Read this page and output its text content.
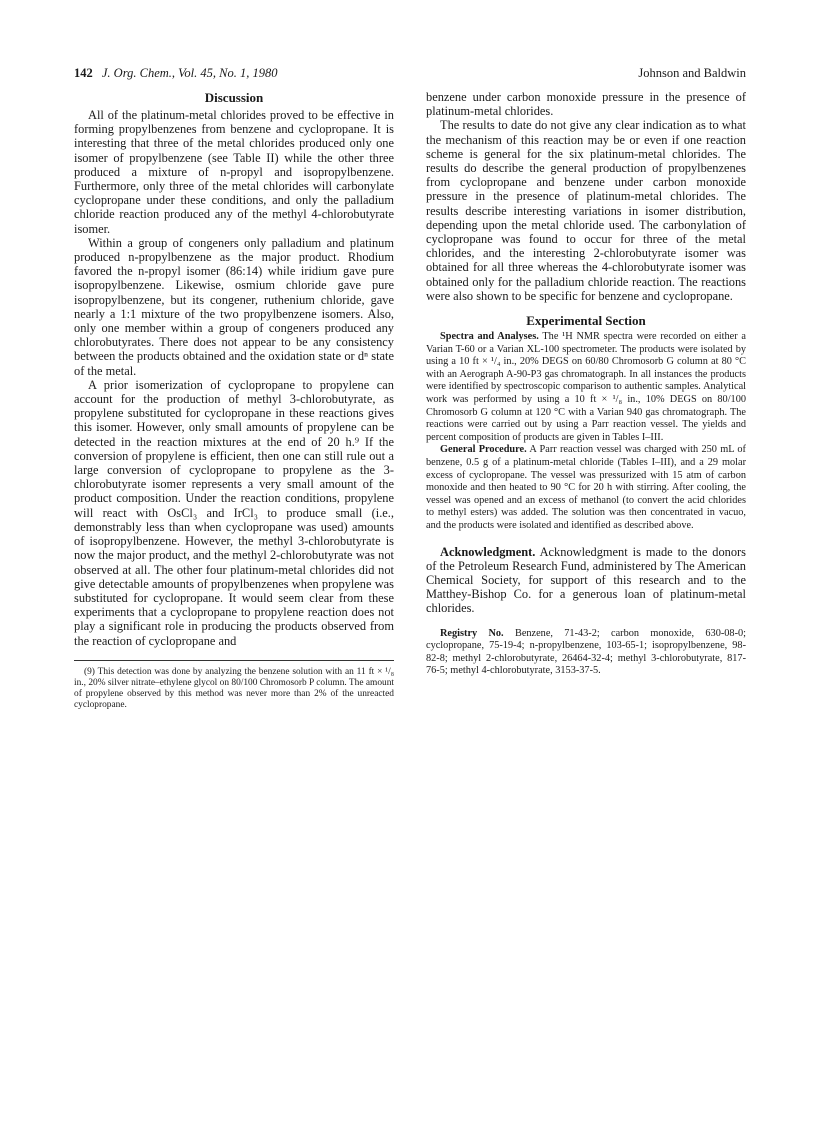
142 J. Org. Chem., Vol. 45, No. 1, 1980	Johnson and Baldwin
Discussion

All of the platinum-metal chlorides proved to be effective in forming propylbenzenes from benzene and cyclopropane. It is interesting that three of the metal chlorides produced only one isomer of propylbenzene (see Table II) while the other three produced a mixture of n-propyl and isopropylbenzene. Furthermore, only three of the metal chlorides will carbonylate cyclopropane under these conditions, and only the palladium chloride reaction produced any of the methyl 4-chlorobutyrate isomer.

Within a group of congeners only palladium and platinum produced n-propylbenzene as the major product. Rhodium favored the n-propyl isomer (86:14) while iridium gave pure isopropylbenzene. Likewise, osmium chloride gave pure isopropylbenzene, but its congener, ruthenium chloride, gave nearly a 1:1 mixture of the two propylbenzene isomers. Also, only one member within a group of congeners produced any chlorobutyrates. There does not appear to be any consistency between the products obtained and the oxidation state or dⁿ state of the metal.

A prior isomerization of cyclopropane to propylene can account for the production of methyl 3-chlorobutyrate, as propylene substituted for cyclopropane in these reactions gives this isomer. However, only small amounts of propylene can be detected in the reaction mixtures at the end of 20 h.⁹ If the conversion of propylene is efficient, then one can still rule out a large conversion of cyclopropane to propylene as the 3-chlorobutyrate isomer represents a very small amount of the product composition. Under the reaction conditions, propylene will react with OsCl₃ and IrCl₃ to produce small (i.e., demonstrably less than when cyclopropane was used) amounts of isopropylbenzene. However, the methyl 3-chlorobutyrate is now the major product, and the methyl 2-chlorobutyrate was not observed at all. The other four platinum-metal chlorides did not give detectable amounts of propylbenzenes when propylene was substituted for cyclopropane. It would seem clear from these experiments that a cyclopropane to propylene reaction does not play a significant role in producing the products observed from the reaction of cyclopropane and

(9) This detection was done by analyzing the benzene solution with an 11 ft × ¹/₈ in., 20% silver nitrate–ethylene glycol on 80/100 Chromosorb P column. The amount of propylene observed by this method was never more than 2% of the unreacted cyclopropane.

benzene under carbon monoxide pressure in the presence of platinum-metal chlorides.

The results to date do not give any clear indication as to what the mechanism of this reaction may be or even if one reaction scheme is general for the six platinum-metal chlorides. The results do describe the general production of propylbenzenes from cyclopropane and benzene under carbon monoxide pressure in the presence of platinum-metal chlorides. The results describe interesting variations in isomer distribution, depending upon the metal chloride used. The carbonylation of cyclopropane was found to occur for three of the metal chlorides, and the interesting 2-chlorobutyrate isomer was obtained for all three whereas the 4-chlorobutyrate isomer was obtained only for the palladium chloride reaction. The reactions were also shown to be specific for benzene and cyclopropane.

Experimental Section

Spectra and Analyses. The ¹H NMR spectra were recorded on either a Varian T-60 or a Varian XL-100 spectrometer. The products were isolated by using a 10 ft × ¹/₄ in., 20% DEGS on 60/80 Chromosorb G column at 80 °C with an Aerograph A-90-P3 gas chromatograph. In all instances the products were identified by spectroscopic comparison to authentic samples. Analytical work was performed by using a 10 ft × ¹/₈ in., 10% DEGS on 80/100 Chromosorb G column at 120 °C with a Varian 940 gas chromatograph. The reactions were carried out by using a Parr reaction vessel. The yields and percent composition of products are given in Tables I–III.

General Procedure. A Parr reaction vessel was charged with 250 mL of benzene, 0.5 g of a platinum-metal chloride (Tables I–III), and a 29 molar excess of cyclopropane. The vessel was pressurized with 15 atm of carbon monoxide and then heated to 90 °C for 20 h with stirring. After cooling, the vessel was opened and an excess of methanol (to convert the acid chlorides to methyl esters) was added. The solution was then concentrated in vacuo, and the products were isolated and identified as described above.

Acknowledgment. Acknowledgment is made to the donors of the Petroleum Research Fund, administered by The American Chemical Society, for support of this research and to the Matthey-Bishop Co. for a generous loan of platinum-metal chlorides.

Registry No. Benzene, 71-43-2; carbon monoxide, 630-08-0; cyclopropane, 75-19-4; n-propylbenzene, 103-65-1; isopropylbenzene, 98-82-8; methyl 2-chlorobutyrate, 26464-32-4; methyl 3-chlorobutyrate, 817-76-5; methyl 4-chlorobutyrate, 3153-37-5.
